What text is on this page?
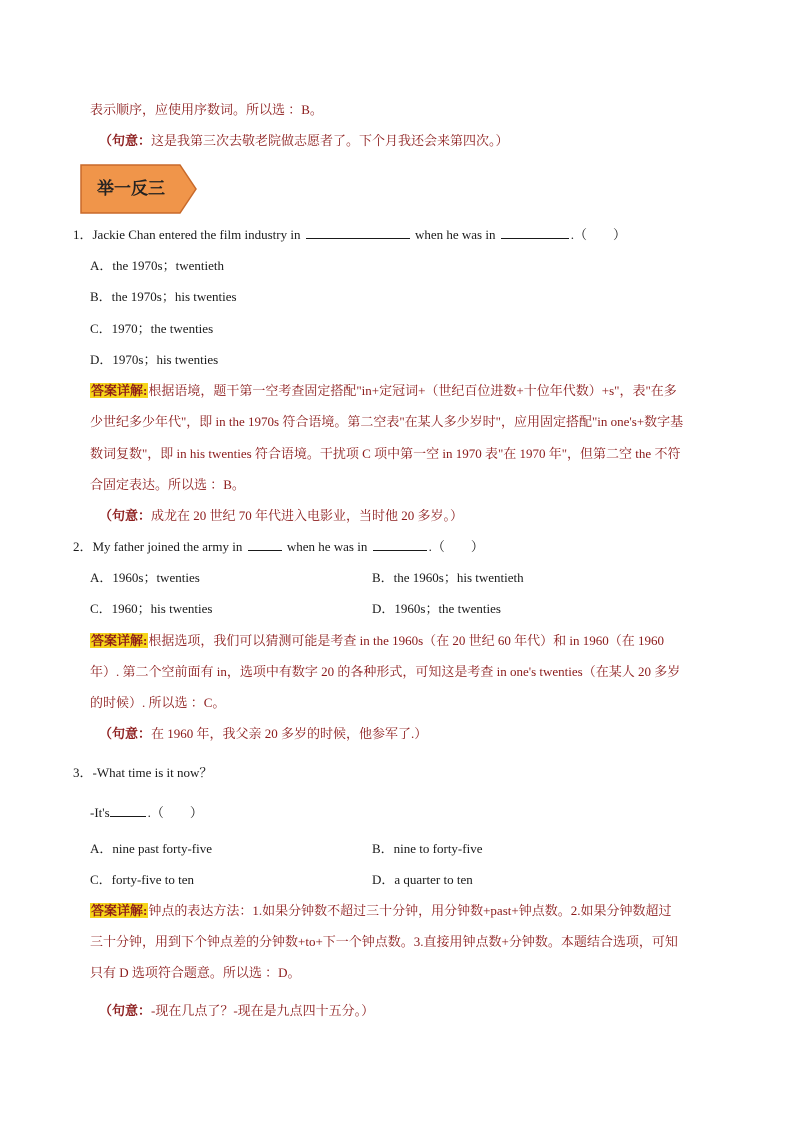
表示顺序，应使用序数词。所以选 ：B。
（句意：这是我第三次去敬老院做志愿者了。下个月我还会来第四次。）
举一反三
1．Jackie Chan entered the film industry in	when he was in	.（　　）
A．the 1970s；twentieth
B．the 1970s；his twenties
C．1970；the twenties
D．1970s；his twenties
答案详解:根据语境，题干第一空考查固定搭配"in+定冠词+（世纪百位进数+十位年代数）+s"，表"在多
少世纪多少年代"，即 in the 1970s 符合语境。第二空表"在某人多少岁时"，应用固定搭配"in one's+数字基
数词复数"，即 in his twenties 符合语境。干扰项 C 项中第一空 in 1970 表"在 1970 年"，但第二空 the 不符
合固定表达。所以选 ：B。
（句意：成龙在 20 世纪 70 年代进入电影业，当时他 20 多岁。）
2．My father joined the army in	when he was in	.（　　）
A．1960s；twenties	B．the 1960s；his twentieth
C．1960；his twenties	D．1960s；the twenties
答案详解:根据选项，我们可以猜测可能是考查 in the 1960s（在 20 世纪 60 年代）和 in 1960（在 1960
年）. 第二个空前面有 in，选项中有数字 20 的各种形式，可知这是考查 in one's twenties（在某人 20 多岁
的时候）. 所以选 ：C。
（句意：在 1960 年，我父亲 20 多岁的时候，他参军了.）
3．-What time is it now？
-It's	.（　　）
A．nine past forty-five	B．nine to forty-five
C．forty-five to ten	D．a quarter to ten
答案详解:钟点的表达方法：1.如果分钟数不超过三十分钟，用分钟数+past+钟点数。2.如果分钟数超过
三十分钟，用到下个钟点差的分钟数+to+下一个钟点数。3.直接用钟点数+分钟数。本题结合选项，可知
只有 D 选项符合题意。所以选 ：D。
（句意：-现在几点了？-现在是九点四十五分。）
